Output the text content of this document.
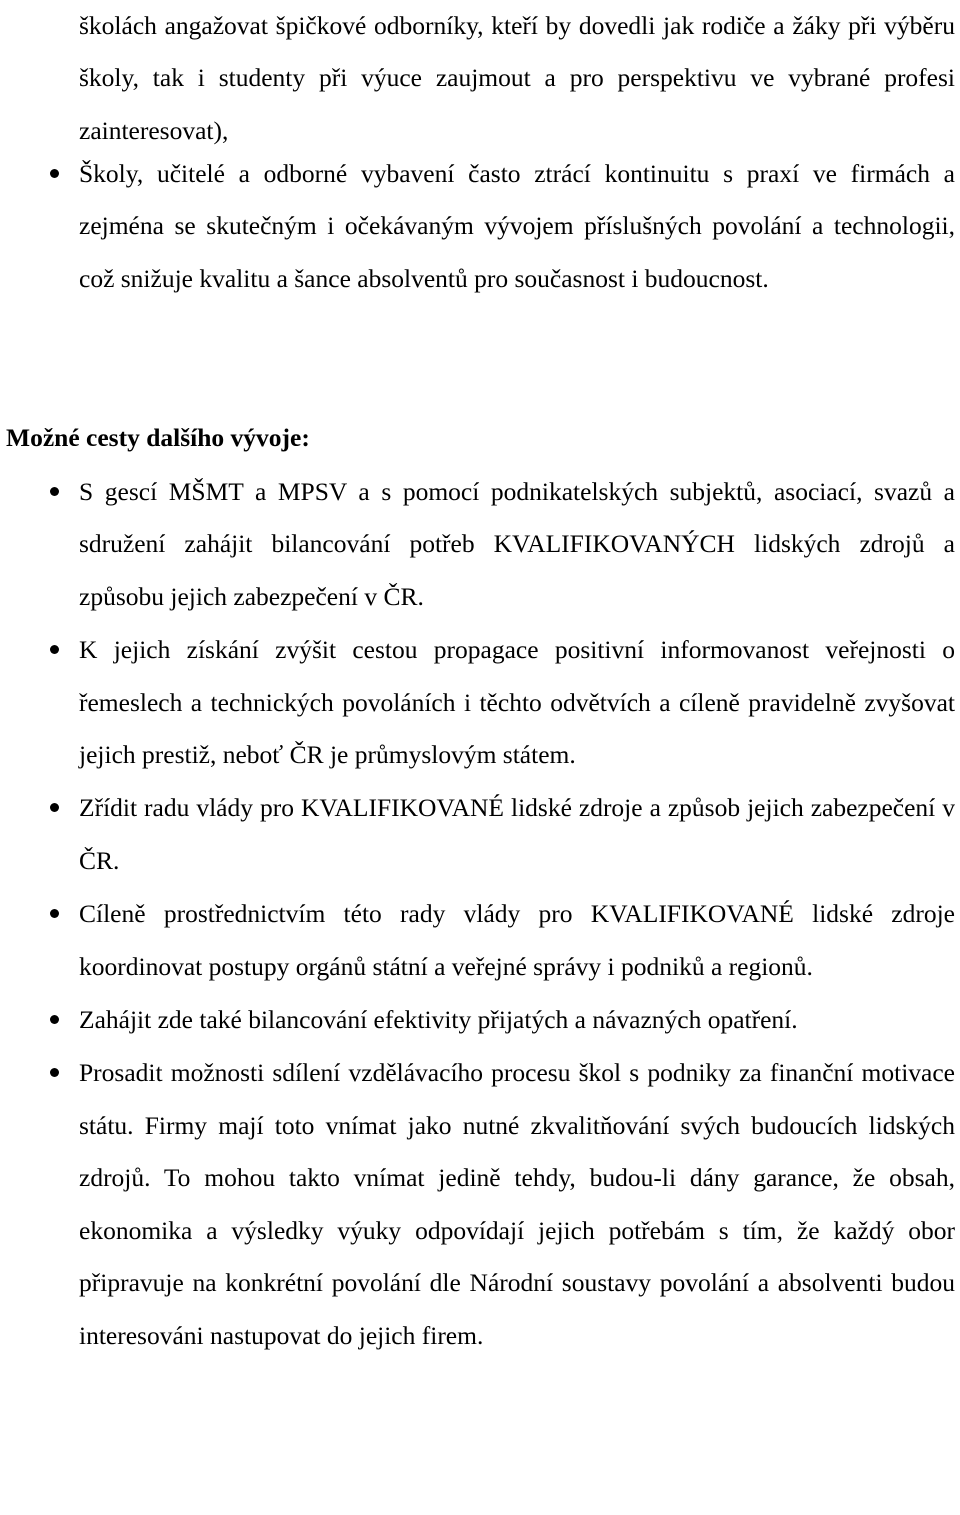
školách angažovat špičkové odborníky, kteří by dovedli jak rodiče a žáky při výběru školy, tak i studenty při výuce zaujmout a pro perspektivu ve vybrané profesi zainteresovat),

Školy, učitelé a odborné vybavení často ztrácí kontinuitu s praxí ve firmách a zejména se skutečným i očekávaným vývojem příslušných povolání a technologii, což snižuje kvalitu a šance absolventů pro současnost i budoucnost.
Možné cesty dalšího vývoje:
S gescí MŠMT a MPSV a s pomocí podnikatelských subjektů, asociací, svazů a sdružení zahájit bilancování potřeb KVALIFIKOVANÝCH lidských zdrojů a způsobu jejich zabezpečení v ČR.
K jejich získání zvýšit cestou propagace positivní informovanost veřejnosti o řemeslech a technických povoláních i těchto odvětvích a cíleně pravidelně zvyšovat jejich prestiž, neboť ČR je průmyslovým státem.
Zřídit radu vlády pro KVALIFIKOVANÉ lidské zdroje a způsob jejich zabezpečení v ČR.
Cíleně prostřednictvím této rady vlády pro KVALIFIKOVANÉ lidské zdroje koordinovat postupy orgánů státní a veřejné správy i podniků a regionů.
Zahájit zde také bilancování efektivity přijatých a návazných opatření.
Prosadit možnosti sdílení vzdělávacího procesu škol s podniky za finanční motivace státu. Firmy mají toto vnímat jako nutné zkvalitňování svých budoucích lidských zdrojů. To mohou takto vnímat jedině tehdy, budou-li dány garance, že obsah, ekonomika a výsledky výuky odpovídají jejich potřebám s tím, že každý obor připravuje na konkrétní povolání dle Národní soustavy povolání a absolventi budou interesováni nastupovat do jejich firem.
